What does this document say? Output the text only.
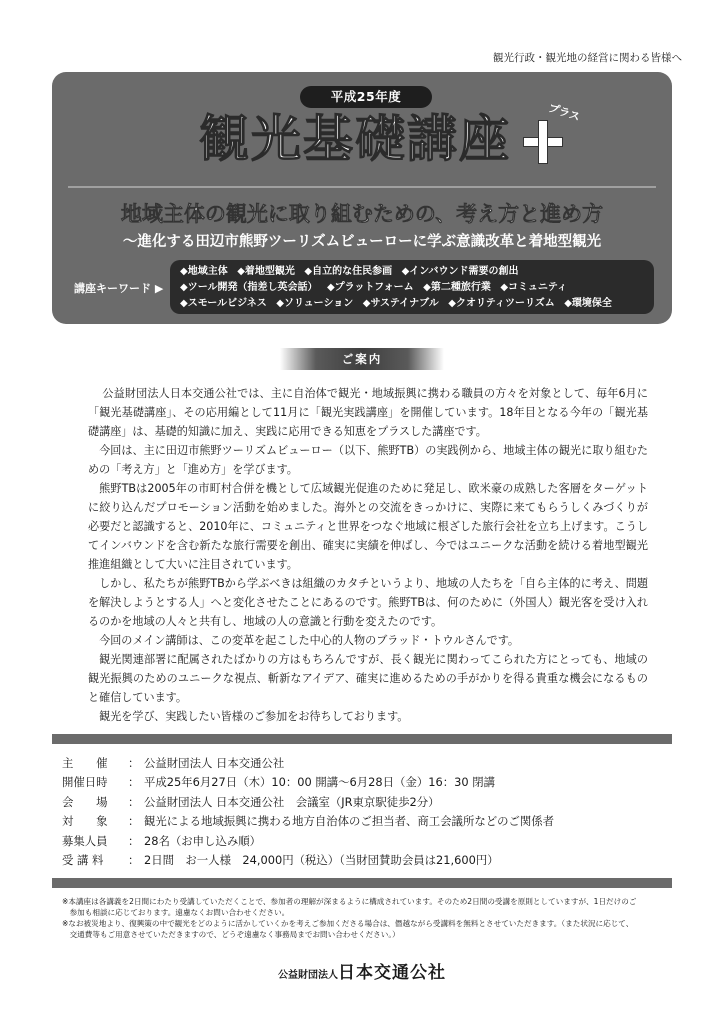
観光行政・観光地の経営に関わる皆様へ
平成25年度
観光基礎講座	プラス
地域主体の観光に取り組むための、考え方と進め方
〜進化する田辺市熊野ツーリズムビューローに学ぶ意識改革と着地型観光
講座キーワード ▶
◆地域主体 ◆着地型観光 ◆自立的な住民参画 ◆インバウンド需要の創出
◆ツール開発（指差し英会話） ◆プラットフォーム ◆第二種旅行業 ◆コミュニティ
◆スモールビジネス ◆ソリューション ◆サステイナブル ◆クオリティツーリズム ◆環境保全
ご案内

公益財団法人日本交通公社では、主に自治体で観光・地域振興に携わる職員の方々を対象として、毎年6月に「観光基礎講座」、その応用編として11月に「観光実践講座」を開催しています。18年目となる今年の「観光基礎講座」は、基礎的知識に加え、実践に応用できる知恵をプラスした講座です。

今回は、主に田辺市熊野ツーリズムビューロー（以下、熊野TB）の実践例から、地域主体の観光に取り組むための「考え方」と「進め方」を学びます。

熊野TBは2005年の市町村合併を機として広域観光促進のために発足し、欧米豪の成熟した客層をターゲットに絞り込んだプロモーション活動を始めました。海外との交流をきっかけに、実際に来てもらうしくみづくりが必要だと認識すると、2010年に、コミュニティと世界をつなぐ地域に根ざした旅行会社を立ち上げます。こうしてインバウンドを含む新たな旅行需要を創出、確実に実績を伸ばし、今ではユニークな活動を続ける着地型観光推進組織として大いに注目されています。

しかし、私たちが熊野TBから学ぶべきは組織のカタチというより、地域の人たちを「自ら主体的に考え、問題を解決しようとする人」へと変化させたことにあるのです。熊野TBは、何のために（外国人）観光客を受け入れるのかを地域の人々と共有し、地域の人の意識と行動を変えたのです。

今回のメイン講師は、この変革を起こした中心的人物のブラッド・トウルさんです。

観光関連部署に配属されたばかりの方はもちろんですが、長く観光に関わってこられた方にとっても、地域の観光振興のためのユニークな視点、斬新なアイデア、確実に進めるための手がかりを得る貴重な機会になるものと確信しています。

観光を学び、実践したい皆様のご参加をお待ちしております。

主　　催 ： 公益財団法人 日本交通公社
開催日時 ： 平成25年6月27日（木）10：00 開講〜6月28日（金）16：30 閉講
会　　場 ： 公益財団法人 日本交通公社　会議室（JR東京駅徒歩2分）
対　　象 ： 観光による地域振興に携わる地方自治体のご担当者、商工会議所などのご関係者
募集人員 ： 28名（お申し込み順）
受 講 料 ： 2日間　お一人様　24,000円（税込）（当財団賛助会員は21,600円）
※本講座は各講義を2日間にわたり受講していただくことで、参加者の理解が深まるように構成されています。そのため2日間の受講を原則としていますが、1日だけのご
　参加も相談に応じております。遠慮なくお問い合わせください。
※なお被災地より、復興策の中で観光をどのように活かしていくかを考えご参加くださる場合は、僭越ながら受講料を無料とさせていただきます。（また状況に応じて、
　交通費等もご用意させていただきますので、どうぞ遠慮なく事務局までお問い合わせください。）
公益財団法人日本交通公社
